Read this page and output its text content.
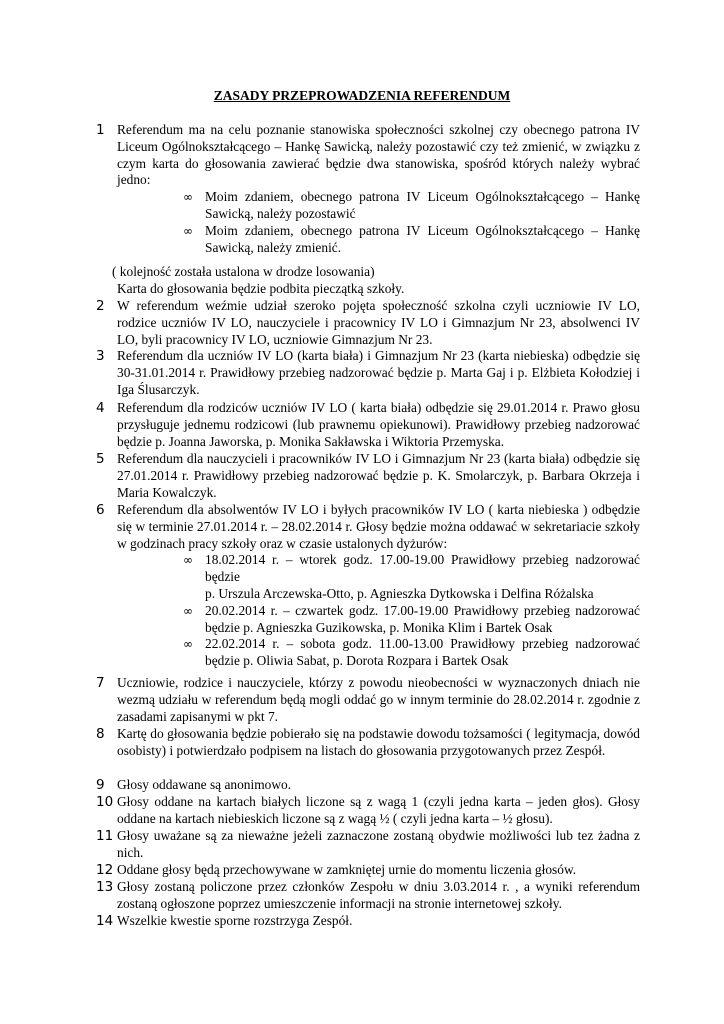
ZASADY PRZEPROWADZENIA REFERENDUM
1 Referendum ma na celu poznanie stanowiska społeczności szkolnej czy obecnego patrona IV Liceum Ogólnokształcącego – Hankę Sawicką, należy pozostawić czy też zmienić, w związku z czym karta do głosowania zawierać będzie dwa stanowiska, spośród których należy wybrać jedno:

∞ Moim zdaniem, obecnego patrona IV Liceum Ogólnokształcącego – Hankę Sawicką, należy pozostawić

∞ Moim zdaniem, obecnego patrona IV Liceum Ogólnokształcącego – Hankę Sawicką, należy zmienić.

( kolejność została ustalona w drodze losowania)
Karta do głosowania będzie podbita pieczątką szkoły.
2 W referendum weźmie udział szeroko pojęta społeczność szkolna czyli uczniowie IV LO, rodzice uczniów IV LO, nauczyciele i pracownicy IV LO i Gimnazjum Nr 23, absolwenci IV LO, byli pracownicy IV LO, uczniowie Gimnazjum Nr 23.

3 Referendum dla uczniów IV LO (karta biała) i Gimnazjum Nr 23 (karta niebieska) odbędzie się 30-31.01.2014 r. Prawidłowy przebieg nadzorować będzie p. Marta Gaj i p. Elżbieta Kołodziej i Iga Ślusarczyk.

4 Referendum dla rodziców uczniów IV LO ( karta biała) odbędzie się 29.01.2014 r. Prawo głosu przysługuje jednemu rodzicowi (lub prawnemu opiekunowi). Prawidłowy przebieg nadzorować będzie p. Joanna Jaworska, p. Monika Sakławska i Wiktoria Przemyska.

5 Referendum dla nauczycieli i pracowników IV LO i Gimnazjum Nr 23 (karta biała) odbędzie się 27.01.2014 r. Prawidłowy przebieg nadzorować będzie p. K. Smolarczyk, p. Barbara Okrzeja i Maria Kowalczyk.

6 Referendum dla absolwentów IV LO i byłych pracowników IV LO ( karta niebieska ) odbędzie się w terminie 27.01.2014 r. – 28.02.2014 r. Głosy będzie można oddawać w sekretariacie szkoły w godzinach pracy szkoły oraz w czasie ustalonych dyżurów:

∞ 18.02.2014 r. – wtorek godz. 17.00-19.00 Prawidłowy przebieg nadzorować będzie
p. Urszula Arczewska-Otto, p. Agnieszka Dytkowska i Delfina Różalska

∞ 20.02.2014 r. – czwartek godz. 17.00-19.00 Prawidłowy przebieg nadzorować będzie p. Agnieszka Guzikowska, p. Monika Klim i Bartek Osak

∞ 22.02.2014 r. – sobota godz. 11.00-13.00 Prawidłowy przebieg nadzorować będzie p. Oliwia Sabat, p. Dorota Rozpara i Bartek Osak

7 Uczniowie, rodzice i nauczyciele, którzy z powodu nieobecności w wyznaczonych dniach nie wezmą udziału w referendum będą mogli oddać go w innym terminie do 28.02.2014 r. zgodnie z zasadami zapisanymi w pkt 7.

8 Kartę do głosowania będzie pobierało się na podstawie dowodu tożsamości ( legitymacja, dowód osobisty) i potwierdzało podpisem na listach do głosowania przygotowanych przez Zespół.

9 Głosy oddawane są anonimowo.

10 Głosy oddane na kartach białych liczone są z wagą 1 (czyli jedna karta – jeden głos). Głosy oddane na kartach niebieskich liczone są z wagą ½ ( czyli jedna karta – ½ głosu).

11 Głosy uważane są za nieważne jeżeli zaznaczone zostaną obydwie możliwości lub tez żadna z nich.

12 Oddane głosy będą przechowywane w zamkniętej urnie do momentu liczenia głosów.

13 Głosy zostaną policzone przez członków Zespołu w dniu 3.03.2014 r. , a wyniki referendum zostaną ogłoszone poprzez umieszczenie informacji na stronie internetowej szkoły.

14 Wszelkie kwestie sporne rozstrzyga Zespół.
